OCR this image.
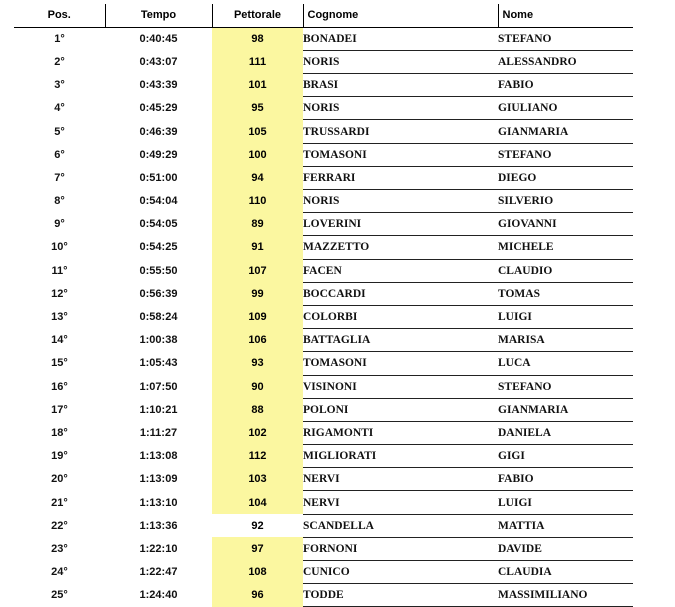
Pos.	Tempo	Pettorale	Cognome	Nome
1°	0:40:45	98	BONADEI	STEFANO
2°	0:43:07	111	NORIS	ALESSANDRO
3°	0:43:39	101	BRASI	FABIO
4°	0:45:29	95	NORIS	GIULIANO
5°	0:46:39	105	TRUSSARDI	GIANMARIA
6°	0:49:29	100	TOMASONI	STEFANO
7°	0:51:00	94	FERRARI	DIEGO
8°	0:54:04	110	NORIS	SILVERIO
9°	0:54:05	89	LOVERINI	GIOVANNI
10°	0:54:25	91	MAZZETTO	MICHELE
11°	0:55:50	107	FACEN	CLAUDIO
12°	0:56:39	99	BOCCARDI	TOMAS
13°	0:58:24	109	COLORBI	LUIGI
14°	1:00:38	106	BATTAGLIA	MARISA
15°	1:05:43	93	TOMASONI	LUCA
16°	1:07:50	90	VISINONI	STEFANO
17°	1:10:21	88	POLONI	GIANMARIA
18°	1:11:27	102	RIGAMONTI	DANIELA
19°	1:13:08	112	MIGLIORATI	GIGI
20°	1:13:09	103	NERVI	FABIO
21°	1:13:10	104	NERVI	LUIGI
22°	1:13:36	92	SCANDELLA	MATTIA
23°	1:22:10	97	FORNONI	DAVIDE
24°	1:22:47	108	CUNICO	CLAUDIA
25°	1:24:40	96	TODDE	MASSIMILIANO
